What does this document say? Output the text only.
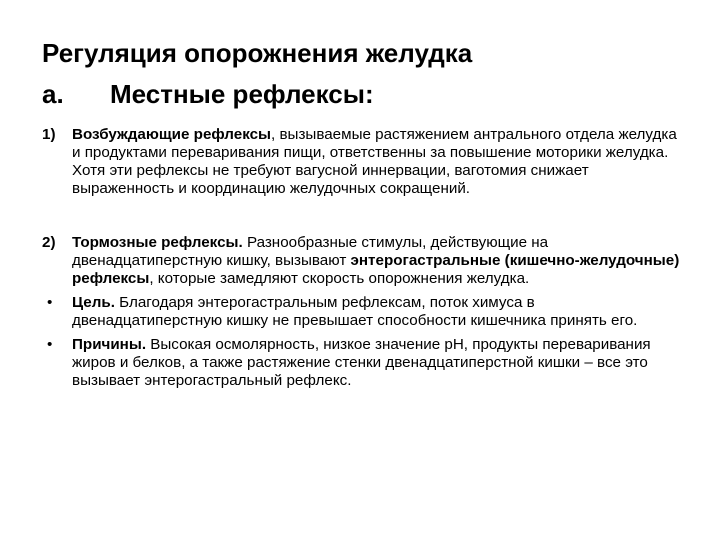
Регуляция опорожнения желудка
а. Местные рефлексы:
1) Возбуждающие рефлексы, вызываемые растяжением антрального отдела желудка и продуктами переваривания пищи, ответственны за повышение моторики желудка. Хотя эти рефлексы не требуют вагусной иннервации, ваготомия снижает выраженность и координацию желудочных сокращений.
2) Тормозные рефлексы. Разнообразные стимулы, действующие на двенадцатиперстную кишку, вызывают энтерогастральные (кишечно-желудочные) рефлексы, которые замедляют скорость опорожнения желудка.
• Цель. Благодаря энтерогастральным рефлексам, поток химуса в двенадцатиперстную кишку не превышает способности кишечника принять его.
• Причины. Высокая осмолярность, низкое значение pH, продукты переваривания жиров и белков, а также растяжение стенки двенадцатиперстной кишки – все это вызывает энтерогастральный рефлекс.
